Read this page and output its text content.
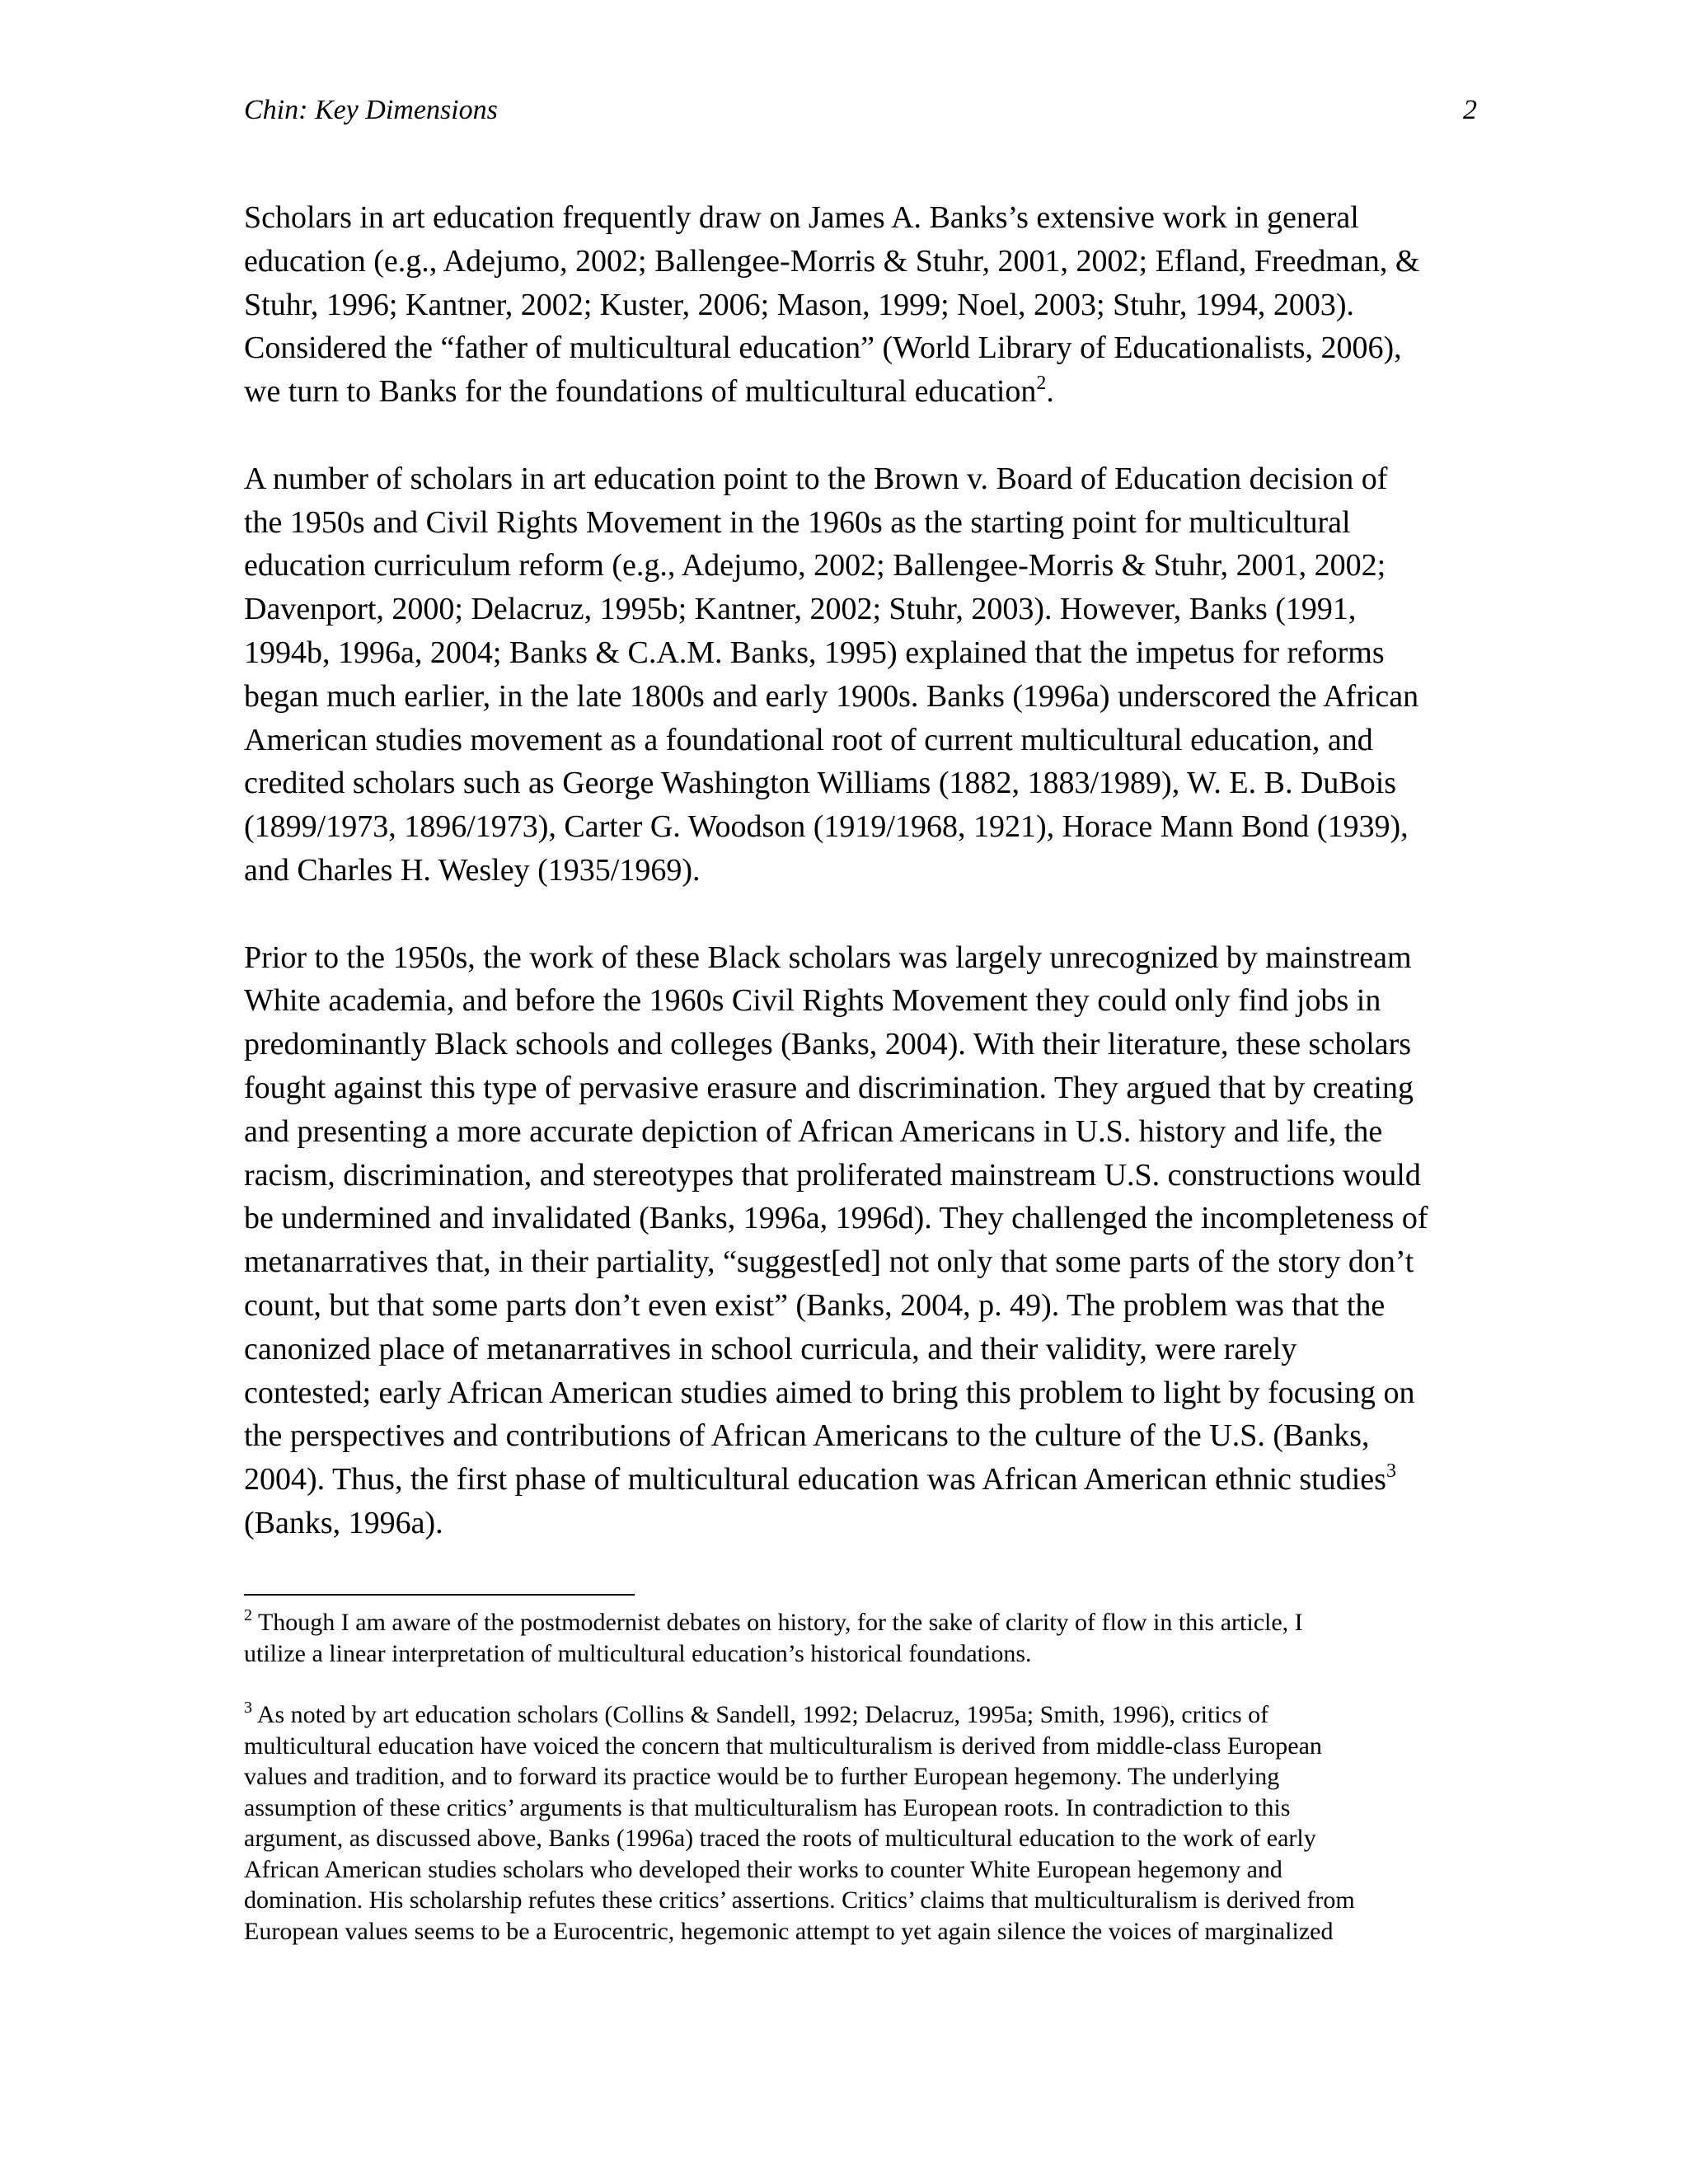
Chin: Key Dimensions	2

Scholars in art education frequently draw on James A. Banks’s extensive work in general
education (e.g., Adejumo, 2002; Ballengee-Morris & Stuhr, 2001, 2002; Efland, Freedman, &
Stuhr, 1996; Kantner, 2002; Kuster, 2006; Mason, 1999; Noel, 2003; Stuhr, 1994, 2003).
Considered the “father of multicultural education” (World Library of Educationalists, 2006),
we turn to Banks for the foundations of multicultural education$^2$.

A number of scholars in art education point to the Brown v. Board of Education decision of
the 1950s and Civil Rights Movement in the 1960s as the starting point for multicultural
education curriculum reform (e.g., Adejumo, 2002; Ballengee-Morris & Stuhr, 2001, 2002;
Davenport, 2000; Delacruz, 1995b; Kantner, 2002; Stuhr, 2003). However, Banks (1991,
1994b, 1996a, 2004; Banks & C.A.M. Banks, 1995) explained that the impetus for reforms
began much earlier, in the late 1800s and early 1900s. Banks (1996a) underscored the African
American studies movement as a foundational root of current multicultural education, and
credited scholars such as George Washington Williams (1882, 1883/1989), W. E. B. DuBois
(1899/1973, 1896/1973), Carter G. Woodson (1919/1968, 1921), Horace Mann Bond (1939),
and Charles H. Wesley (1935/1969).

Prior to the 1950s, the work of these Black scholars was largely unrecognized by mainstream
White academia, and before the 1960s Civil Rights Movement they could only find jobs in
predominantly Black schools and colleges (Banks, 2004). With their literature, these scholars
fought against this type of pervasive erasure and discrimination. They argued that by creating
and presenting a more accurate depiction of African Americans in U.S. history and life, the
racism, discrimination, and stereotypes that proliferated mainstream U.S. constructions would
be undermined and invalidated (Banks, 1996a, 1996d). They challenged the incompleteness of
metanarratives that, in their partiality, “suggest[ed] not only that some parts of the story don’t
count, but that some parts don’t even exist” (Banks, 2004, p. 49). The problem was that the
canonized place of metanarratives in school curricula, and their validity, were rarely
contested; early African American studies aimed to bring this problem to light by focusing on
the perspectives and contributions of African Americans to the culture of the U.S. (Banks,
2004). Thus, the first phase of multicultural education was African American ethnic studies$^3$
(Banks, 1996a).

$^2$ Though I am aware of the postmodernist debates on history, for the sake of clarity of flow in this article, I
utilize a linear interpretation of multicultural education’s historical foundations.
$^3$ As noted by art education scholars (Collins & Sandell, 1992; Delacruz, 1995a; Smith, 1996), critics of
multicultural education have voiced the concern that multiculturalism is derived from middle-class European
values and tradition, and to forward its practice would be to further European hegemony. The underlying
assumption of these critics’ arguments is that multiculturalism has European roots. In contradiction to this
argument, as discussed above, Banks (1996a) traced the roots of multicultural education to the work of early
African American studies scholars who developed their works to counter White European hegemony and
domination. His scholarship refutes these critics’ assertions. Critics’ claims that multiculturalism is derived from
European values seems to be a Eurocentric, hegemonic attempt to yet again silence the voices of marginalized
